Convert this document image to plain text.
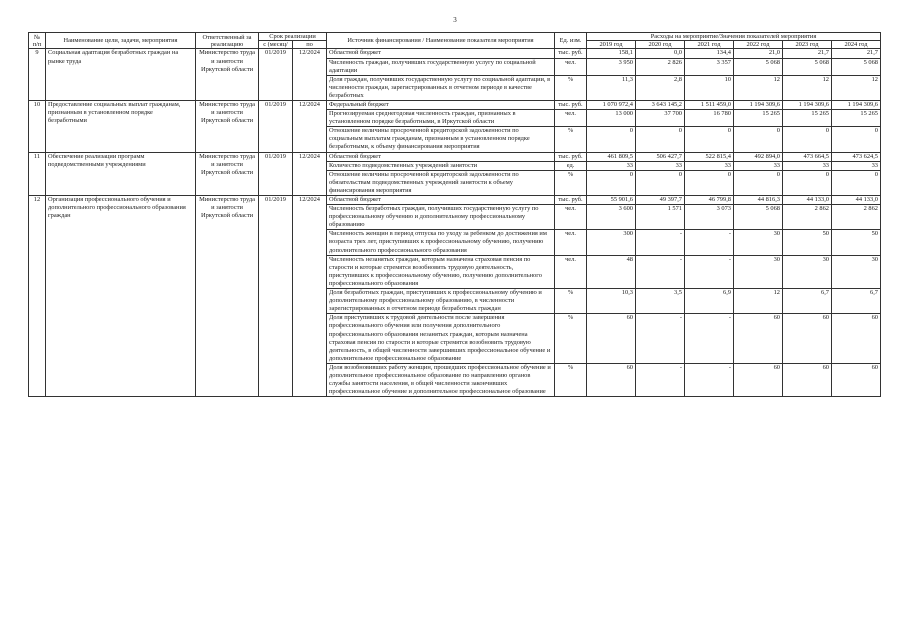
3
№ п/п	Наименование цели, задачи, мероприятия	Ответственный за реализацию	Срок реализации		Источник финансирования / Наименование показателя мероприятия	Ед. изм.	Расходы на мероприятие/Значения показателей мероприятия					
			с (месяц/	по			2019 год	2020 год	2021 год	2022 год	2023 год	2024 год
9	Социальная адаптация безработных граждан на рынке труда	Министерство труда и занятости Иркутской области	01/2019	12/2024	Областной бюджет	тыс. руб.	158,1	0,0	134,4	21,0	21,7	21,7
					Численность граждан, получивших государственную услугу по социальной адаптации	чел.	3 950	2 826	3 357	5 068	5 068	5 068
					Доля граждан, получивших государственную услугу по социальной адаптации, в численности граждан, зарегистрированных в отчетном периоде в качестве безработных	%	11,3	2,8	10	12	12	12
10	Предоставление социальных выплат гражданам, признанным в установленном порядке безработными	Министерство труда и занятости Иркутской области	01/2019	12/2024	Федеральный бюджет	тыс. руб.	1 070 972,4	3 643 145,2	1 511 459,0	1 194 309,6	1 194 309,6	1 194 309,6
					Прогнозируемая среднегодовая численность граждан, признанных в установленном порядке безработными, в Иркутской области	чел.	13 000	37 700	16 780	15 265	15 265	15 265
					Отношение величины просроченной кредиторской задолженности по социальным выплатам гражданам, признанным в установленном порядке безработными, к объему финансирования мероприятия	%	0	0	0	0	0	0
11	Обеспечение реализации программ подведомственными учреждениями	Министерство труда и занятости Иркутской области	01/2019	12/2024	Областной бюджет	тыс. руб.	461 809,5	506 427,7	522 815,4	492 894,0	473 664,5	473 624,5
					Количество подведомственных учреждений занятости	ед.	33	33	33	33	33	33
					Отношение величины просроченной кредиторской задолженности по обязательствам подведомственных учреждений занятости к объему финансирования мероприятия	%	0	0	0	0	0	0
12	Организация профессионального обучения и дополнительного профессионального образования граждан	Министерство труда и занятости Иркутской области	01/2019	12/2024	Областной бюджет	тыс. руб.	55 901,6	49 397,7	46 799,8	44 816,3	44 133,0	44 133,0
					Численность безработных граждан, получивших государственную услугу по профессиональному обучению и дополнительному профессиональному образованию	чел.	3 600	1 571	3 073	5 068	2 862	2 862
					Численность женщин в период отпуска по уходу за ребенком до достижения им возраста трех лет, приступивших к профессиональному обучению, получению дополнительного профессионального образования	чел.	300	-	-	30	50	50
					Численность незанятых граждан, которым назначена страховая пенсия по старости и которые стремятся возобновить трудовую деятельность, приступивших к профессиональному обучению, получению дополнительного профессионального образования	чел.	48	-	-	30	30	30
					Доля безработных граждан, приступивших к профессиональному обучению и дополнительному профессиональному образованию, в численности зарегистрированных в отчетном периоде безработных граждан	%	10,3	3,5	6,9	12	6,7	6,7
					Доля приступивших к трудовой деятельности после завершения профессионального обучения или получения дополнительного профессионального образования незанятых граждан, которым назначена страховая пенсия по старости и которые стремятся возобновить трудовую деятельность, в общей численности завершивших профессиональное обучение и дополнительное профессиональное образование	%	60	-	-	60	60	60
					Доля возобновивших работу женщин, прошедших профессиональное обучение и дополнительное профессиональное образование по направлению органов службы занятости населения, в общей численности закончивших профессиональное обучение и дополнительное профессиональное образование	%	60	-	-	60	60	60
